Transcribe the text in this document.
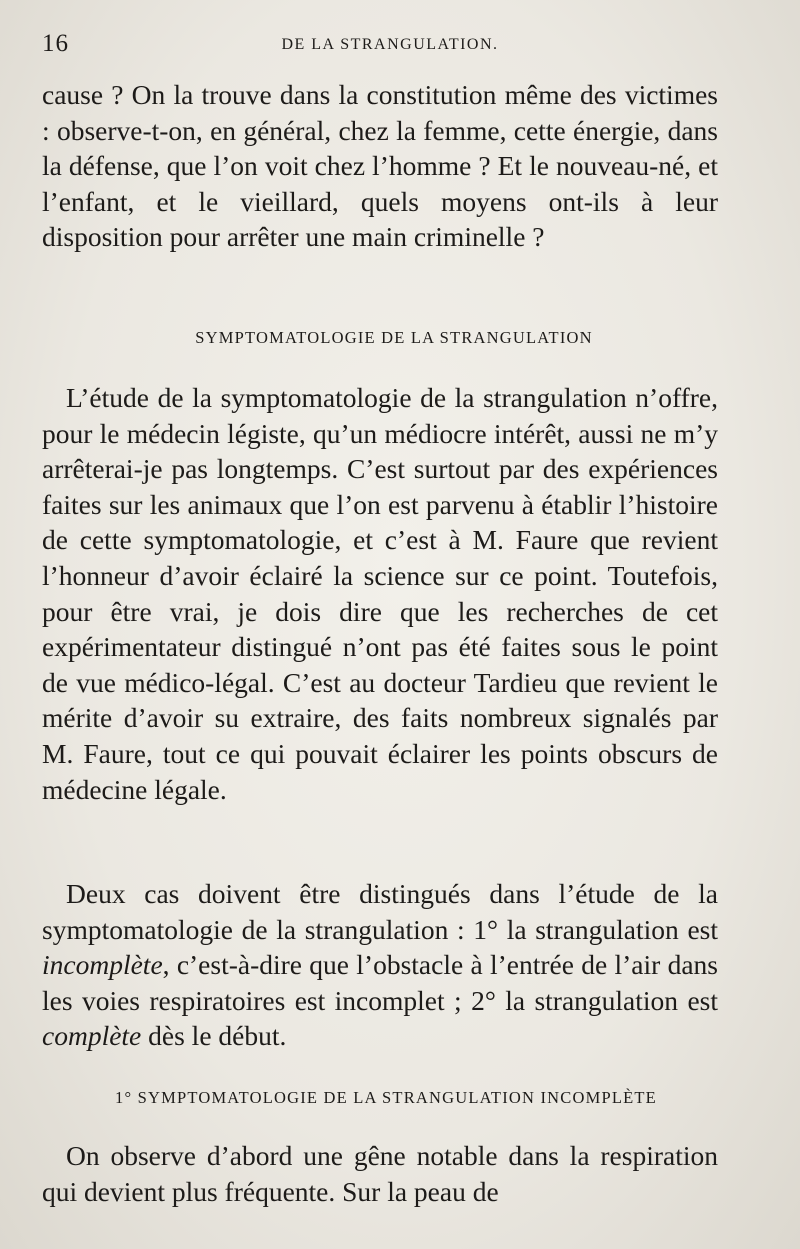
16	DE LA STRANGULATION.

cause ? On la trouve dans la constitution même des victimes : observe-t-on, en général, chez la femme, cette énergie, dans la défense, que l’on voit chez l’homme ? Et le nouveau-né, et l’enfant, et le vieillard, quels moyens ont-ils à leur disposition pour arrêter une main criminelle ?

SYMPTOMATOLOGIE DE LA STRANGULATION

L’étude de la symptomatologie de la strangulation n’offre, pour le médecin légiste, qu’un médiocre intérêt, aussi ne m’y arrêterai-je pas longtemps. C’est surtout par des expériences faites sur les animaux que l’on est parvenu à établir l’histoire de cette symptomatologie, et c’est à M. Faure que revient l’honneur d’avoir éclairé la science sur ce point. Toutefois, pour être vrai, je dois dire que les recherches de cet expérimentateur distingué n’ont pas été faites sous le point de vue médico-légal. C’est au docteur Tardieu que revient le mérite d’avoir su extraire, des faits nombreux signalés par M. Faure, tout ce qui pouvait éclairer les points obscurs de médecine légale.

Deux cas doivent être distingués dans l’étude de la symptomatologie de la strangulation : 1° la strangulation est incomplète, c’est-à-dire que l’obstacle à l’entrée de l’air dans les voies respiratoires est incomplet ; 2° la strangulation est complète dès le début.

1° SYMPTOMATOLOGIE DE LA STRANGULATION INCOMPLÈTE

On observe d’abord une gêne notable dans la respiration qui devient plus fréquente. Sur la peau de
